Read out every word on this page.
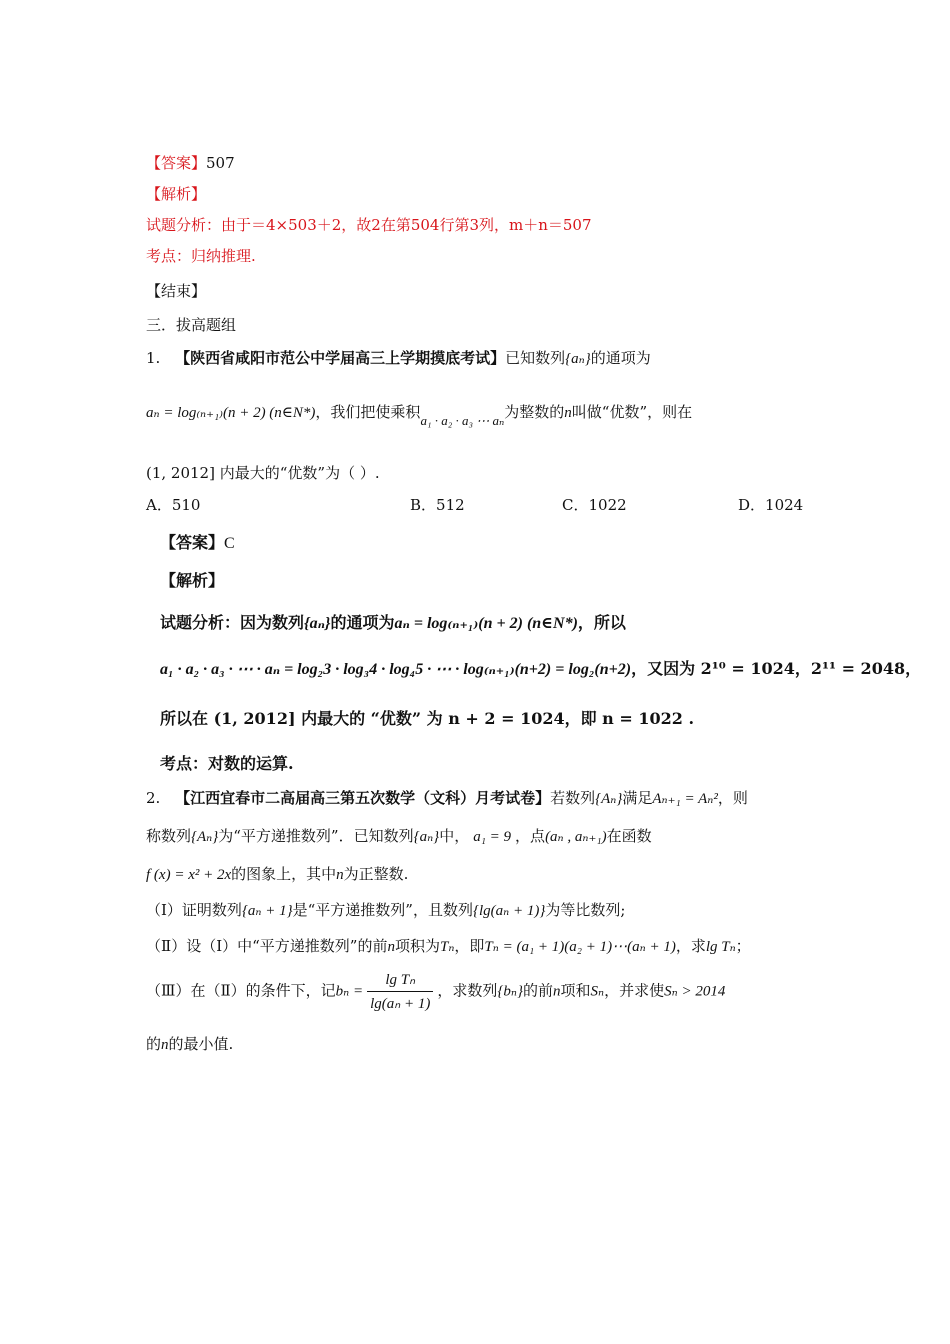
【答案】507
【解析】
试题分析：由于＝4×503＋2，故2在第504行第3列，m＋n＝507
考点：归纳推理.
【结束】
三．拔高题组
1. 【陕西省咸阳市范公中学届高三上学期摸底考试】已知数列{aₙ}的通项为
aₙ = log₍ₙ₊₁₎(n + 2) (n∈N*)，我们把使乘积a₁ · a₂ · a₃ ⋯ aₙ为整数的n叫做“优数”，则在
(1, 2012] 内最大的“优数”为（ ）.
A．510	B．512	C．1022	D．1024
【答案】C
【解析】
试题分析：因为数列{aₙ}的通项为aₙ = log₍ₙ₊₁₎(n + 2) (n∈N*)，所以
a₁ · a₂ · a₃ · ⋯ · aₙ = log₂3 · log₃4 · log₄5 · ⋯ · log₍ₙ₊₁₎(n+2) = log₂(n+2)，又因为 2¹⁰ = 1024，2¹¹ = 2048，
所以在 (1, 2012] 内最大的 “优数” 为 n + 2 = 1024，即 n = 1022 .
考点：对数的运算.
2. 【江西宜春市二高届高三第五次数学（文科）月考试卷】若数列{Aₙ}满足Aₙ₊₁ = Aₙ²，则
称数列{Aₙ}为“平方递推数列”．已知数列{aₙ}中， a₁ = 9 ，点(aₙ , aₙ₊₁)在函数
f (x) = x² + 2x的图象上，其中n为正整数.
（Ⅰ）证明数列{aₙ + 1}是“平方递推数列”，且数列{lg(aₙ + 1)}为等比数列;
（Ⅱ）设（Ⅰ）中“平方递推数列”的前n项积为Tₙ，即Tₙ = (a₁ + 1)(a₂ + 1)⋯(aₙ + 1)，求lg Tₙ；
（Ⅲ）在（Ⅱ）的条件下，记$b_n = \frac{\text{lg Tₙ}}{\text{lg(aₙ + 1)}}$ ，求数列{bₙ}的前n项和Sₙ，并求使Sₙ > 2014
的n的最小值.
